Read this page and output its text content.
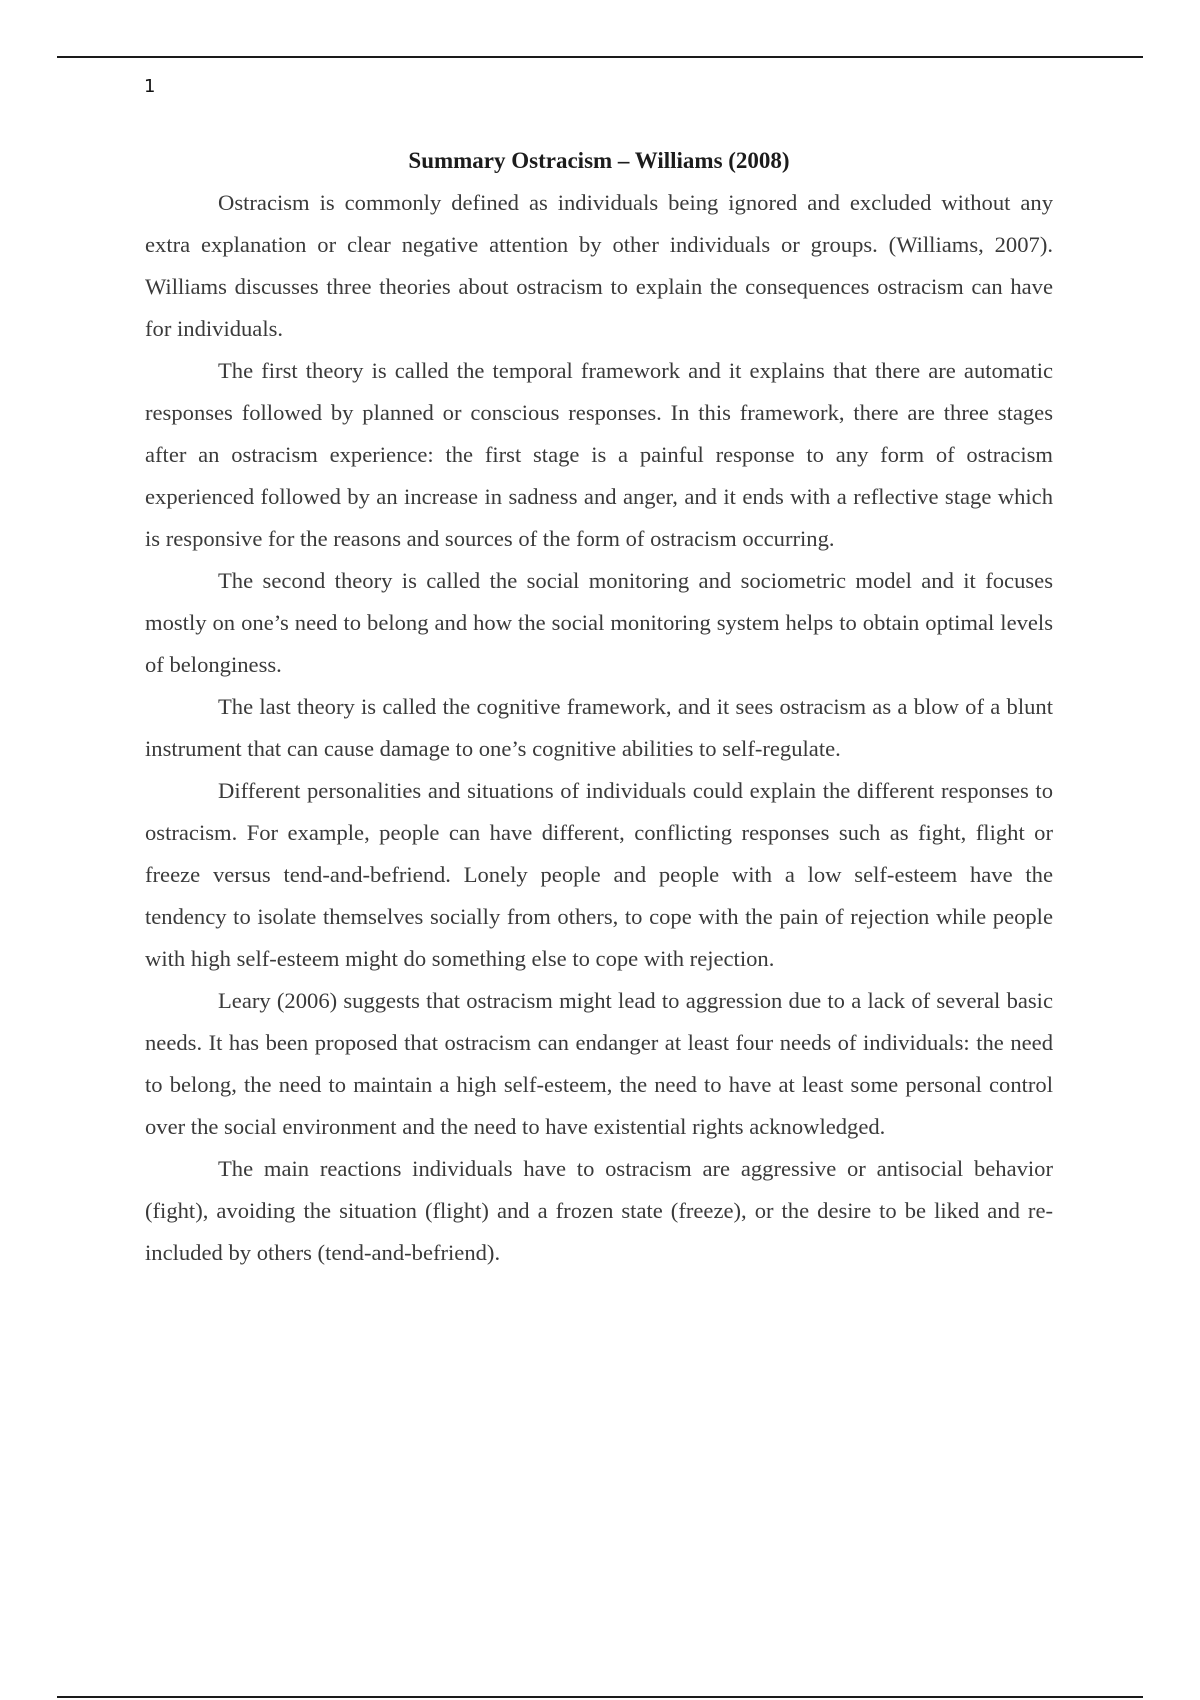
1
Summary Ostracism – Williams (2008)

Ostracism is commonly defined as individuals being ignored and excluded without any extra explanation or clear negative attention by other individuals or groups. (Williams, 2007). Williams discusses three theories about ostracism to explain the consequences ostracism can have for individuals.

The first theory is called the temporal framework and it explains that there are automatic responses followed by planned or conscious responses. In this framework, there are three stages after an ostracism experience: the first stage is a painful response to any form of ostracism experienced followed by an increase in sadness and anger, and it ends with a reflective stage which is responsive for the reasons and sources of the form of ostracism occurring.

The second theory is called the social monitoring and sociometric model and it focuses mostly on one’s need to belong and how the social monitoring system helps to obtain optimal levels of belonginess.

The last theory is called the cognitive framework, and it sees ostracism as a blow of a blunt instrument that can cause damage to one’s cognitive abilities to self-regulate.

Different personalities and situations of individuals could explain the different responses to ostracism. For example, people can have different, conflicting responses such as fight, flight or freeze versus tend-and-befriend. Lonely people and people with a low self-esteem have the tendency to isolate themselves socially from others, to cope with the pain of rejection while people with high self-esteem might do something else to cope with rejection.

Leary (2006) suggests that ostracism might lead to aggression due to a lack of several basic needs. It has been proposed that ostracism can endanger at least four needs of individuals: the need to belong, the need to maintain a high self-esteem, the need to have at least some personal control over the social environment and the need to have existential rights acknowledged.

The main reactions individuals have to ostracism are aggressive or antisocial behavior (fight), avoiding the situation (flight) and a frozen state (freeze), or the desire to be liked and re-included by others (tend-and-befriend).
